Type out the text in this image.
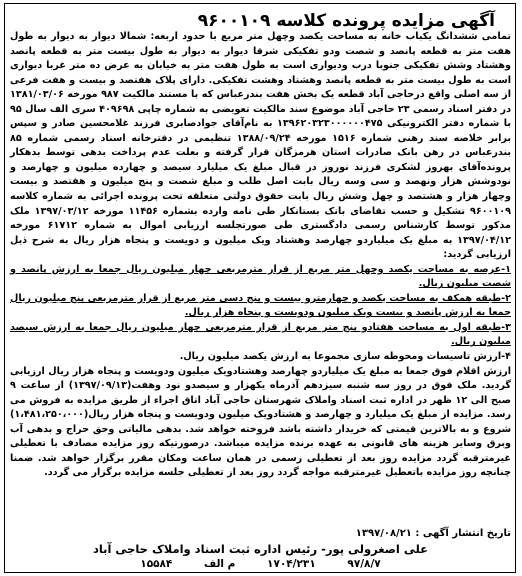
آگهی مزایده پرونده کلاسه ۹۶۰۰۱۰۹

تمامی ششدانگ یکباب خانه به مساحت یکصد وچهل متر مربع با حدود اربعه: شمالا دیوار به دیوار به طول هفت متر به قطعه پانصد و شصت ودو تفکیکی شرقا دیوار به دیوار به طول بیست متر به قطعه پانصد وهشتاد وشش تفکیکی جنوبا درب ودیواری است به طول هفت متر به خیابان به عرض ده متر غربا دیواری است به طول بیست متر به قطعه پانصد وهشتاد وهشت تفکیکی. دارای پلاک هفتصد و بیست و هفت فرعی از سه اصلی واقع درحاجی آباد قطعه یک بخش هفت بندرعباس که با مستند مالکیت ۹۸۷ مورخه ۱۳۸۱/۰۳/۰۶ در دفتر اسناد رسمی ۲۳ حاجی آباد موضوع سند مالکیت تعویضی به شماره چاپی ۴۰۹۶۹۸ سری الف سال ۹۵ با شماره دفتر الکترونیکی ۱۳۹۶۲۰۳۲۳۰۰۰۰۰۰۴۷۵ به نام‌آقای جوادصابری فرزند غلامحسین صادر و سپس برابر خلاصه سند رهنی شماره ۱۵۱۶ مورخه ۱۳۸۸/۰۹/۲۴ تنظیمی در دفترخانه اسناد رسمی شماره ۸۵ بندرعباس در رهن بانک صادرات استان هرمزگان قرار گرفته و بعلت عدم پرداخت بدهی توسط بدهکار پرونده‌آقای بهروز لشکری فرزند نوروز در قبال مبلغ یک میلیارد سیصد و چهارده میلیون و چهارصد و نودوشش هزار ونهصد و سی وسه ریال بابت اصل طلب و مبلغ شصت و پنج میلیون و هفتصد و بیست وچهار هزار و هشتصد و چهل وشش ریال بابت حقوق دولتی متعلقه تحت پرونده اجرائی به شماره کلاسه ۹۶۰۰۱۰۹ تشکیل و حسب تقاضای بانک بستانکار طی نامه وارده بشماره ۱۱۴۵۶ مورخه ۱۳۹۷/۰۳/۱۲ ملک مذکور توسط کارشناس رسمی دادگستری طی صورتجلسه ارزیابی اموال به شماره ۶۱۷۱۲ مورخه ۱۳۹۷/۰۴/۱۲ به مبلغ یک میلیاردو چهارصد وهشتاد ویک میلیون و دویست و پنجاه هزار ریال به شرح ذیل ارزیابی گردید:

۱-عرصه به مساحت یکصد وچهل متر مربع از قرار مترمربعی چهار میلیون ریال جمعا به ارزش پانصد و شصت میلیون ریال.

۲-طبقه همکف به مساحت یکصد و چهارمترو بیست و پنج دسی متر مربع از قرار مترمربعی پنج میلیون ریال جمعا به ارزش پانصد و بیست ویک میلیون ودویست و پنجاه هزار ریال.

۳-طبقه اول به مساحت هفتادو پنج متر مربع از قرار مترمربعی چهار میلیون ریال جمعا به ارزش سیصد میلیون ریال.

۴-ارزش تاسیسات ومحوطه سازی مجموعا به ارزش یکصد میلیون ریال.

ارزش اقلام فوق جمعا به مبلغ یک میلیاردو چهارصد وهشتادویک میلیون ودویست و پنجاه هزار ریال ارزیابی گردید. ملک فوق در روز سه شنبه سیزدهم آذرماه یکهزار و سیصدو نود وهفت(۱۳۹۷/۰۹/۱۳) از ساعت ۹ صبح الی ۱۲ ظهر در اداره ثبت اسناد واملاک شهرستان حاجی آباد اتاق اجراء از طریق مزایده به فروش می رسد. مزایده از مبلغ یک میلیارد و چهارصد و هشتادویک میلیون ودویست و پنجاه هزار ریال(۱،۴۸۱،۲۵۰،۰۰۰) شروع و به بالاترین قیمتی که خریدار داشته باشد فروخته خواهد شد. بدهی مالیاتی وحق حراج و بدهی آب وبرق وسایر هزینه های قانونی به عهده برنده مزایده میباشد. درصورتیکه روز مزایده مصادف با تعطیلی غیرمترقبه گردد مزایده روز بعد از تعطیلی رسمی در همان ساعت ومکان مقرر برگزار خواهد شد. ضمنا چنانچه روز مزایده باتعطیل غیرمترقبه مواجه گردد روز بعد از تعطیلی جلسه مزایده برگزار می گردد.

تاریخ انتشار آگهی : ۱۳۹۷/۰۸/۲۱
علی اصغرولی پور- رئیس اداره ثبت اسناد واملاک حاجی آباد
۹۷/۸/۷ ۱۷۰۴/۲۳۱ م الف ۱۵۵۸۴
